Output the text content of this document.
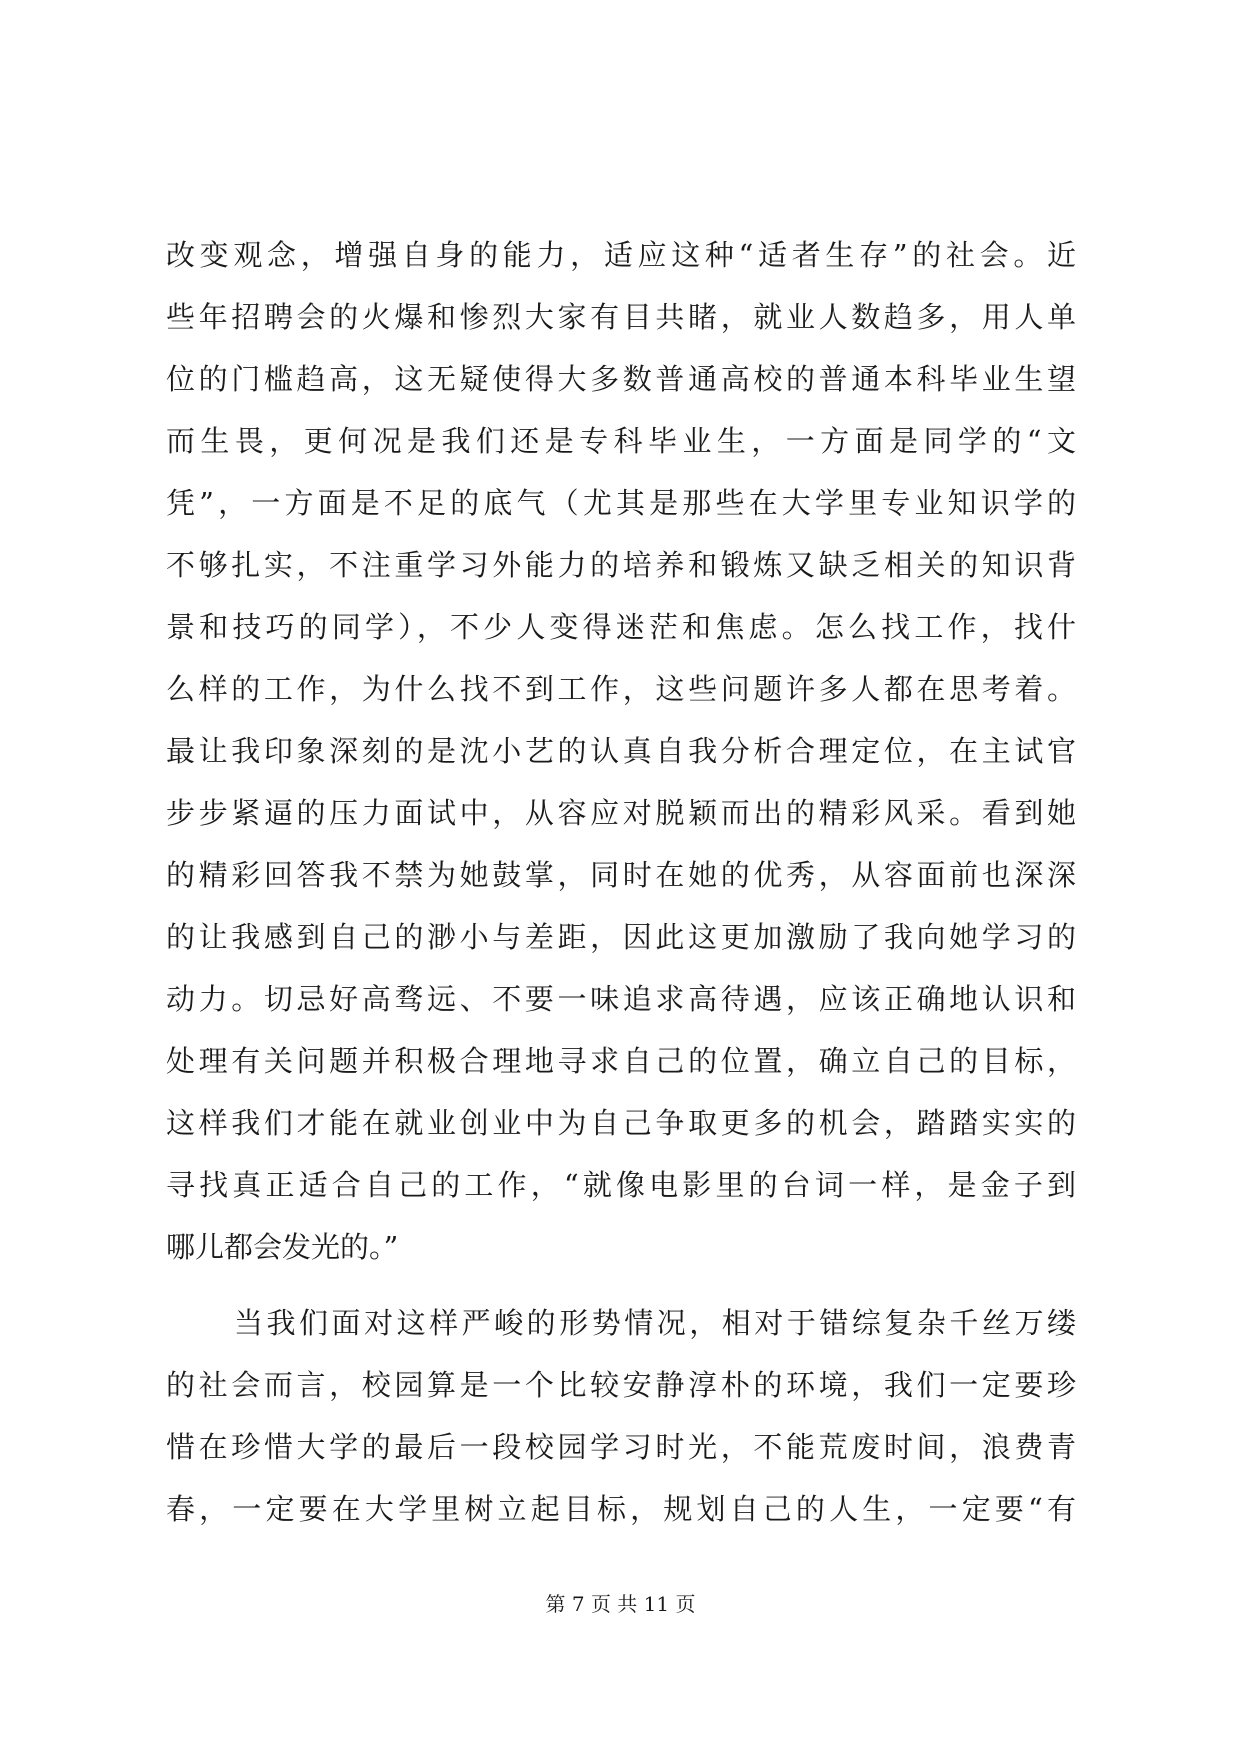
改变观念，增强自身的能力，适应这种“适者生存”的社会。近
些年招聘会的火爆和惨烈大家有目共睹，就业人数趋多，用人单
位的门槛趋高，这无疑使得大多数普通高校的普通本科毕业生望
而生畏，更何况是我们还是专科毕业生，一方面是同学的“文
凭”，一方面是不足的底气（尤其是那些在大学里专业知识学的
不够扎实，不注重学习外能力的培养和锻炼又缺乏相关的知识背
景和技巧的同学），不少人变得迷茫和焦虑。怎么找工作，找什
么样的工作，为什么找不到工作，这些问题许多人都在思考着。
最让我印象深刻的是沈小艺的认真自我分析合理定位，在主试官
步步紧逼的压力面试中，从容应对脱颖而出的精彩风采。看到她
的精彩回答我不禁为她鼓掌，同时在她的优秀，从容面前也深深
的让我感到自己的渺小与差距，因此这更加激励了我向她学习的
动力。切忌好高骛远、不要一味追求高待遇，应该正确地认识和
处理有关问题并积极合理地寻求自己的位置，确立自己的目标，
这样我们才能在就业创业中为自己争取更多的机会，踏踏实实的
寻找真正适合自己的工作，“就像电影里的台词一样，是金子到
哪儿都会发光的。”
当我们面对这样严峻的形势情况，相对于错综复杂千丝万缕
的社会而言，校园算是一个比较安静淳朴的环境，我们一定要珍
惜在珍惜大学的最后一段校园学习时光，不能荒废时间，浪费青
春，一定要在大学里树立起目标，规划自己的人生，一定要“有
第 7 页 共 11 页
